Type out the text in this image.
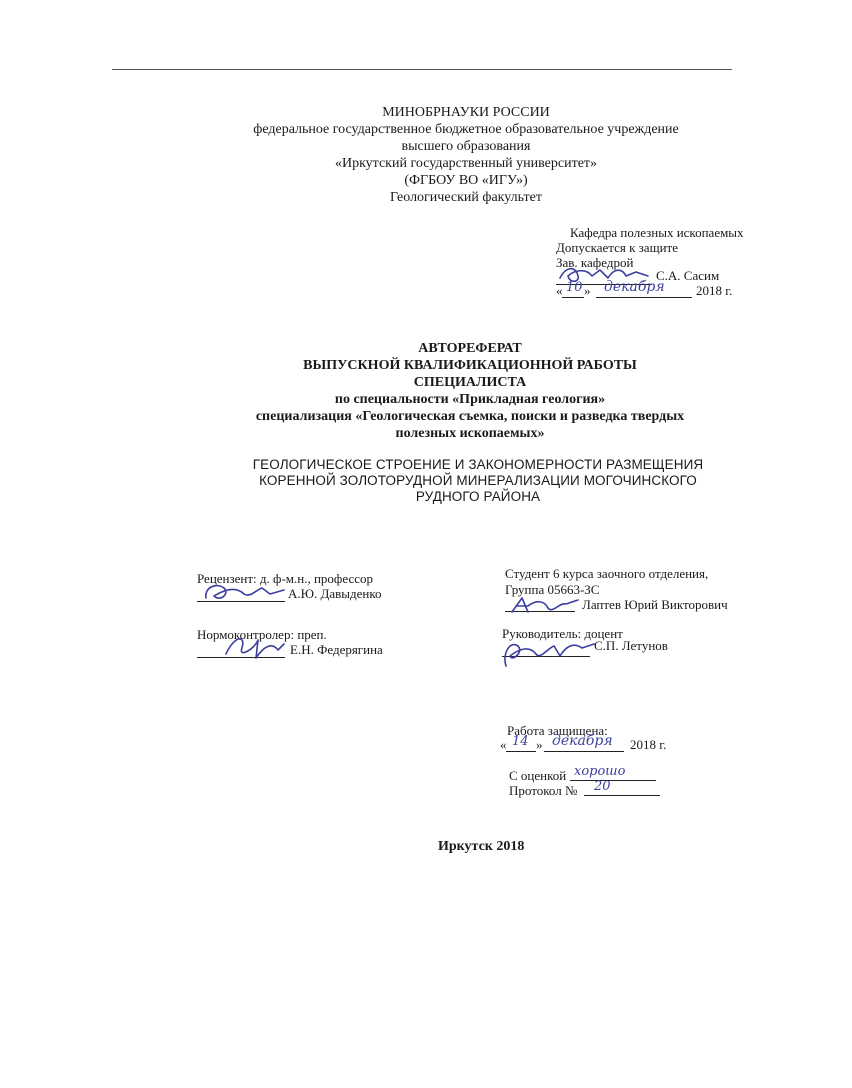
МИНОБРНАУКИ РОССИИ
федеральное государственное бюджетное образовательное учреждение
высшего образования
«Иркутский государственный университет»
(ФГБОУ ВО «ИГУ»)
Геологический факультет
Кафедра полезных ископаемых
Допускается к защите
Зав. кафедрой
С.А. Сасим
« 10 » декабря 2018 г.
АВТОРЕФЕРАТ
ВЫПУСКНОЙ КВАЛИФИКАЦИОННОЙ РАБОТЫ
СПЕЦИАЛИСТА
по специальности «Прикладная геология»
специализация «Геологическая съемка, поиски и разведка твердых
полезных ископаемых»
ГЕОЛОГИЧЕСКОЕ СТРОЕНИЕ И ЗАКОНОМЕРНОСТИ РАЗМЕЩЕНИЯ
КОРЕННОЙ ЗОЛОТОРУДНОЙ МИНЕРАЛИЗАЦИИ МОГОЧИНСКОГО
РУДНОГО РАЙОНА
Рецензент: д. ф-м.н., профессор
А.Ю. Давыденко
Нормоконтролер: преп.
Е.Н. Федерягина
Студент 6 курса заочного отделения,
Группа 05663-ЗС
Лаптев Юрий Викторович
Руководитель: доцент
С.П. Летунов
Работа защищена:
« 14 » декабря 2018 г.
С оценкой хорошо
Протокол № 20
Иркутск 2018
